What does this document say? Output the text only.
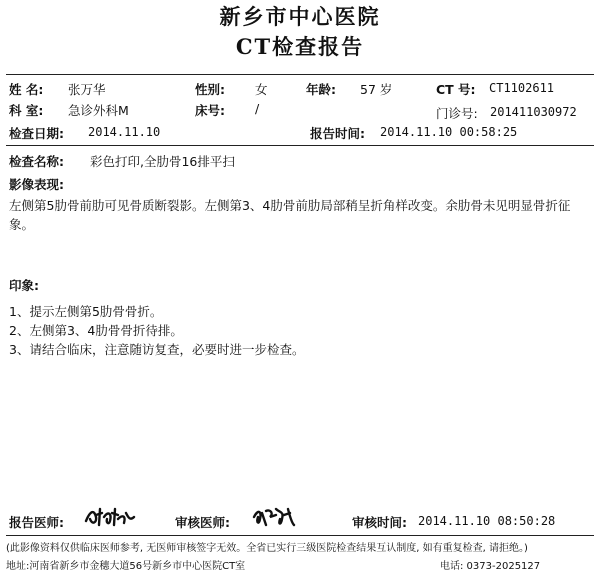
新乡市中心医院
CT检查报告
姓 名: 张万华	性别: 女	年龄: 57 岁	CT 号: CT1102611
科 室: 急诊外科M	床号: /	门诊号: 201411030972
检查日期: 2014.11.10	报告时间: 2014.11.10 00:58:25
检查名称: 彩色打印,全肋骨16排平扫
影像表现:
左侧第5肋骨前肋可见骨质断裂影。左侧第3、4肋骨前肋局部稍呈折角样改变。余肋骨未见明显骨折征象。
印象:
1、提示左侧第5肋骨骨折。
2、左侧第3、4肋骨骨折待排。
3、请结合临床，注意随访复查，必要时进一步检查。
报告医师:	审核医师:	审核时间: 2014.11.10 08:50:28
(此影像资料仅供临床医师参考, 无医师审核签字无效。全省已实行三级医院检查结果互认制度, 如有重复检查, 请拒绝。)
地址:河南省新乡市金穗大道56号新乡市中心医院CT室	电话: 0373-2025127
